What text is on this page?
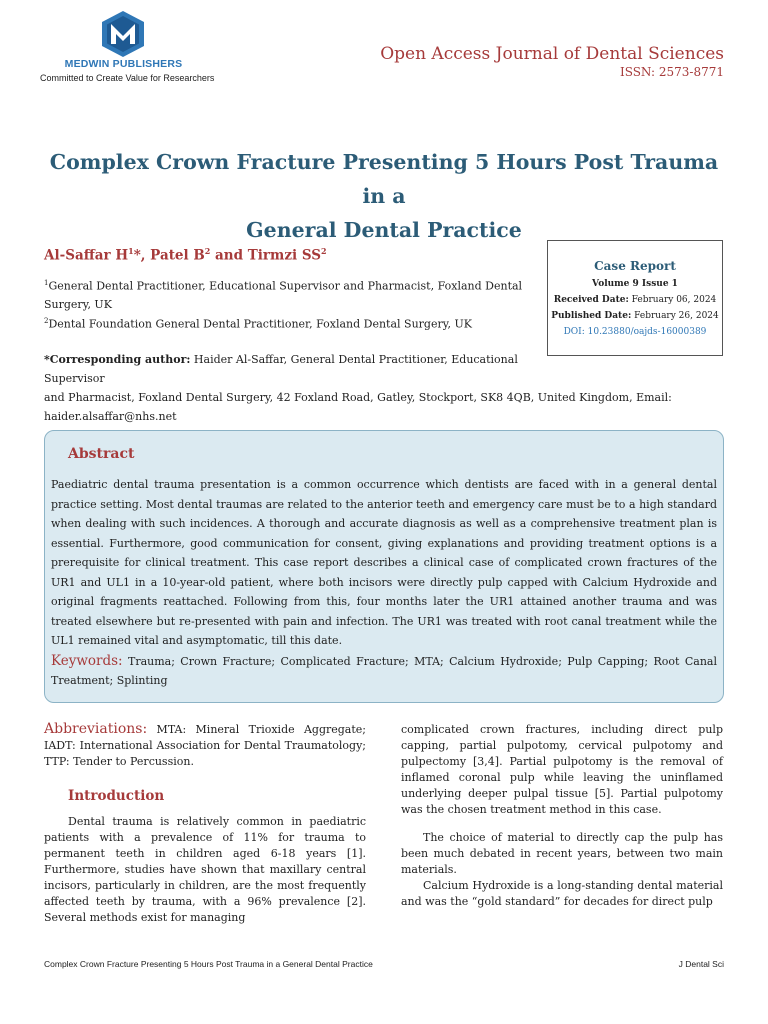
MEDWIN PUBLISHERS
Committed to Create Value for Researchers
Open Access Journal of Dental Sciences
ISSN: 2573-8771
Complex Crown Fracture Presenting 5 Hours Post Trauma in a
General Dental Practice
Al-Saffar $H^1*$, Patel $B^2$ and Tirmzi $SS^2$
$^1$General Dental Practitioner, Educational Supervisor and Pharmacist, Foxland Dental Surgery, UK
$^2$Dental Foundation General Dental Practitioner, Foxland Dental Surgery, UK
*Corresponding author: Haider Al-Saffar, General Dental Practitioner, Educational Supervisor
and Pharmacist, Foxland Dental Surgery, 42 Foxland Road, Gatley, Stockport, SK8 4QB, United Kingdom, Email: haider.alsaffar@nhs.net
Case Report
Volume 9 Issue 1
Received Date: February 06, 2024
Published Date: February 26, 2024
DOI: 10.23880/oajds-16000389
Abstract
Paediatric dental trauma presentation is a common occurrence which dentists are faced with in a general dental practice setting. Most dental traumas are related to the anterior teeth and emergency care must be to a high standard when dealing with such incidences. A thorough and accurate diagnosis as well as a comprehensive treatment plan is essential. Furthermore, good communication for consent, giving explanations and providing treatment options is a prerequisite for clinical treatment. This case report describes a clinical case of complicated crown fractures of the UR1 and UL1 in a 10-year-old patient, where both incisors were directly pulp capped with Calcium Hydroxide and original fragments reattached. Following from this, four months later the UR1 attained another trauma and was treated elsewhere but re-presented with pain and infection. The UR1 was treated with root canal treatment while the UL1 remained vital and asymptomatic, till this date.
Keywords: Trauma; Crown Fracture; Complicated Fracture; MTA; Calcium Hydroxide; Pulp Capping; Root Canal Treatment; Splinting
Abbreviations: MTA: Mineral Trioxide Aggregate; IADT: International Association for Dental Traumatology; TTP: Tender to Percussion.
Introduction
Dental trauma is relatively common in paediatric patients with a prevalence of 11% for trauma to permanent teeth in children aged 6-18 years [1]. Furthermore, studies have shown that maxillary central incisors, particularly in children, are the most frequently affected teeth by trauma, with a 96% prevalence [2]. Several methods exist for managing
complicated crown fractures, including direct pulp capping, partial pulpotomy, cervical pulpotomy and pulpectomy [3,4]. Partial pulpotomy is the removal of inflamed coronal pulp while leaving the uninflamed underlying deeper pulpal tissue [5]. Partial pulpotomy was the chosen treatment method in this case.
The choice of material to directly cap the pulp has been much debated in recent years, between two main materials.
Calcium Hydroxide is a long-standing dental material and was the “gold standard” for decades for direct pulp
Complex Crown Fracture Presenting 5 Hours Post Trauma in a General Dental Practice	J Dental Sci
